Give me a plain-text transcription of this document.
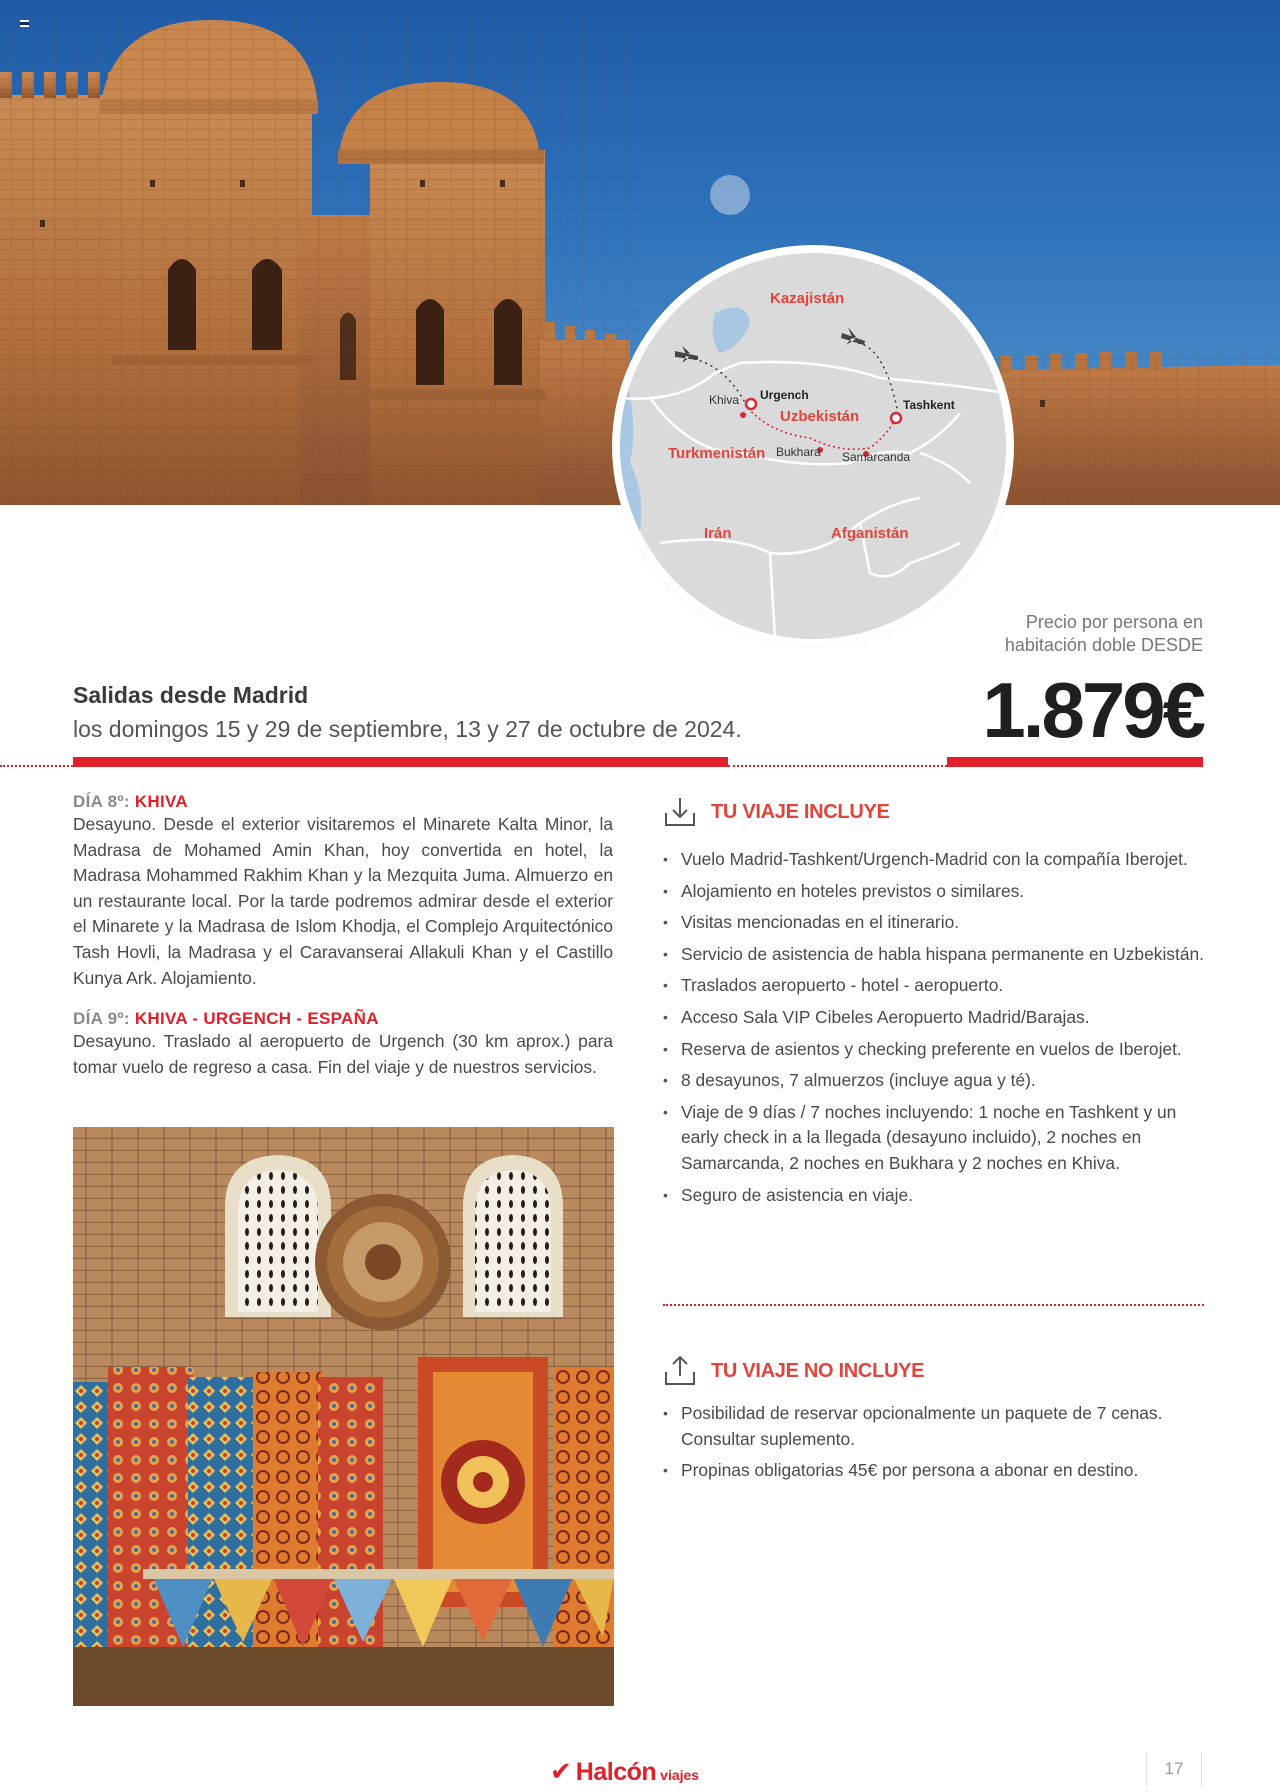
Kazajistán
Uzbekistán
Turkmenistán
Irán	Afganistán
Urgench
Khiva	Tashkent
Bukhara Samarcanda
Precio por persona en
habitación doble DESDE
1.879€
Salidas desde Madrid
los domingos 15 y 29 de septiembre, 13 y 27 de octubre de 2024.
DÍA 8º: KHIVA

Desayuno. Desde el exterior visitaremos el Minarete Kalta Minor, la Madrasa de Mohamed Amin Khan, hoy convertida en hotel, la Madrasa Mohammed Rakhim Khan y la Mezquita Juma. Almuerzo en un restaurante local. Por la tarde podremos admirar desde el exterior el Minarete y la Madrasa de Islom Khodja, el Complejo Arquitectónico Tash Hovli, la Madrasa y el Caravanserai Allakuli Khan y el Castillo Kunya Ark. Alojamiento.

DÍA 9º: KHIVA - URGENCH - ESPAÑA

Desayuno. Traslado al aeropuerto de Urgench (30 km aprox.) para tomar vuelo de regreso a casa. Fin del viaje y de nuestros servicios.

TU VIAJE INCLUYE
• Vuelo Madrid-Tashkent/Urgench-Madrid con la compañía Iberojet.
• Alojamiento en hoteles previstos o similares.
• Visitas mencionadas en el itinerario.
• Servicio de asistencia de habla hispana permanente en Uzbekistán.
• Traslados aeropuerto - hotel - aeropuerto.
• Acceso Sala VIP Cibeles Aeropuerto Madrid/Barajas.
• Reserva de asientos y checking preferente en vuelos de Iberojet.
• 8 desayunos, 7 almuerzos (incluye agua y té).
• Viaje de 9 días / 7 noches incluyendo: 1 noche en Tashkent y un early check in a la llegada (desayuno incluido), 2 noches en Samarcanda, 2 noches en Bukhara y 2 noches en Khiva.
• Seguro de asistencia en viaje.
TU VIAJE NO INCLUYE
• Posibilidad de reservar opcionalmente un paquete de 7 cenas. Consultar suplemento.
• Propinas obligatorias 45€ por persona a abonar en destino.
✔ Halcón viajes	17
